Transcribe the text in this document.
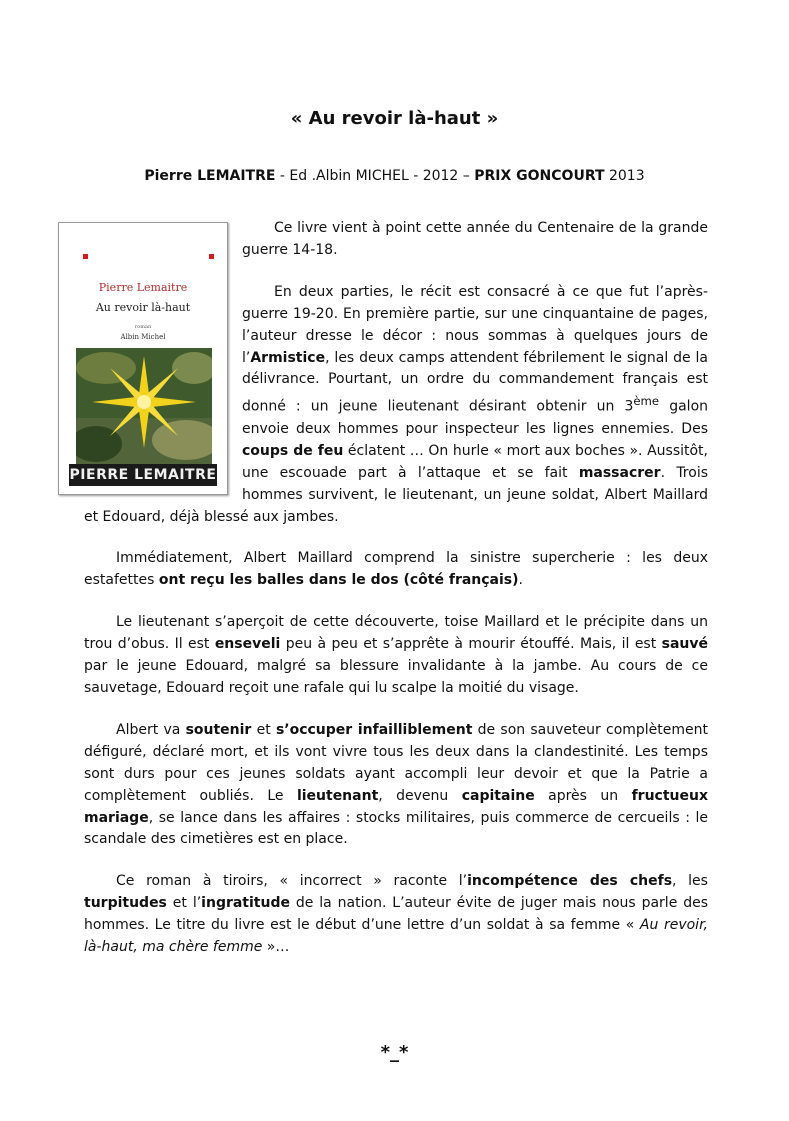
« Au revoir là-haut »
Pierre LEMAITRE - Ed .Albin MICHEL - 2012 – PRIX GONCOURT 2013
Pierre Lemaitre
Au revoir là-haut
roman
Albin Michel
PIERRE LEMAITRE

Ce livre vient à point cette année du Centenaire de la grande guerre 14-18.

En deux parties, le récit est consacré à ce que fut l’après-guerre 19-20. En première partie, sur une cinquantaine de pages, l’auteur dresse le décor : nous sommas à quelques jours de l’Armistice, les deux camps attendent fébrilement le signal de la délivrance. Pourtant, un ordre du commandement français est donné : un jeune lieutenant désirant obtenir un 3ème galon envoie deux hommes pour inspecteur les lignes ennemies. Des coups de feu éclatent … On hurle « mort aux boches ». Aussitôt, une escouade part à l’attaque et se fait massacrer. Trois hommes survivent, le lieutenant, un jeune soldat, Albert Maillard et Edouard, déjà blessé aux jambes.

Immédiatement, Albert Maillard comprend la sinistre supercherie : les deux estafettes ont reçu les balles dans le dos (côté français).

Le lieutenant s’aperçoit de cette découverte, toise Maillard et le précipite dans un trou d’obus. Il est enseveli peu à peu et s’apprête à mourir étouffé. Mais, il est sauvé par le jeune Edouard, malgré sa blessure invalidante à la jambe. Au cours de ce sauvetage, Edouard reçoit une rafale qui lu scalpe la moitié du visage.

Albert va soutenir et s’occuper infailliblement de son sauveteur complètement défiguré, déclaré mort, et ils vont vivre tous les deux dans la clandestinité. Les temps sont durs pour ces jeunes soldats ayant accompli leur devoir et que la Patrie a complètement oubliés. Le lieutenant, devenu capitaine après un fructueux mariage, se lance dans les affaires : stocks militaires, puis commerce de cercueils : le scandale des cimetières est en place.

Ce roman à tiroirs, « incorrect » raconte l’incompétence des chefs, les turpitudes et l’ingratitude de la nation. L’auteur évite de juger mais nous parle des hommes. Le titre du livre est le début d’une lettre d’un soldat à sa femme « Au revoir, là-haut, ma chère femme »…

*_*
